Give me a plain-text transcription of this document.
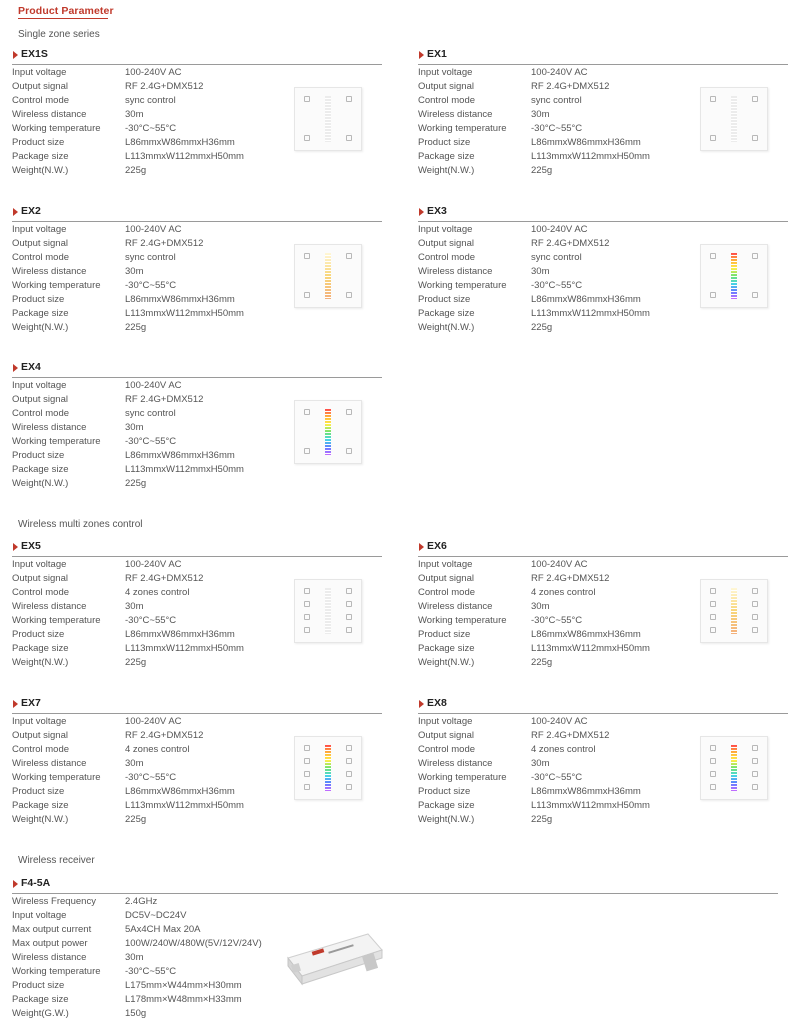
Product Parameter
Single zone series
Wireless multi zones control
Wireless receiver
EX1S
Input voltage	100-240V AC
Output signal	RF 2.4G+DMX512
Control mode	sync control
Wireless distance	30m
Working temperature	-30°C~55°C
Product size	L86mmxW86mmxH36mm
Package size	L113mmxW112mmxH50mm
Weight(N.W.)	225g
EX1
Input voltage	100-240V AC
Output signal	RF 2.4G+DMX512
Control mode	sync control
Wireless distance	30m
Working temperature	-30°C~55°C
Product size	L86mmxW86mmxH36mm
Package size	L113mmxW112mmxH50mm
Weight(N.W.)	225g
EX2
Input voltage	100-240V AC
Output signal	RF 2.4G+DMX512
Control mode	sync control
Wireless distance	30m
Working temperature	-30°C~55°C
Product size	L86mmxW86mmxH36mm
Package size	L113mmxW112mmxH50mm
Weight(N.W.)	225g
EX3
Input voltage	100-240V AC
Output signal	RF 2.4G+DMX512
Control mode	sync control
Wireless distance	30m
Working temperature	-30°C~55°C
Product size	L86mmxW86mmxH36mm
Package size	L113mmxW112mmxH50mm
Weight(N.W.)	225g
EX4
Input voltage	100-240V AC
Output signal	RF 2.4G+DMX512
Control mode	sync control
Wireless distance	30m
Working temperature	-30°C~55°C
Product size	L86mmxW86mmxH36mm
Package size	L113mmxW112mmxH50mm
Weight(N.W.)	225g
EX5
Input voltage	100-240V AC
Output signal	RF 2.4G+DMX512
Control mode	4 zones control
Wireless distance	30m
Working temperature	-30°C~55°C
Product size	L86mmxW86mmxH36mm
Package size	L113mmxW112mmxH50mm
Weight(N.W.)	225g
EX6
Input voltage	100-240V AC
Output signal	RF 2.4G+DMX512
Control mode	4 zones control
Wireless distance	30m
Working temperature	-30°C~55°C
Product size	L86mmxW86mmxH36mm
Package size	L113mmxW112mmxH50mm
Weight(N.W.)	225g
EX7
Input voltage	100-240V AC
Output signal	RF 2.4G+DMX512
Control mode	4 zones control
Wireless distance	30m
Working temperature	-30°C~55°C
Product size	L86mmxW86mmxH36mm
Package size	L113mmxW112mmxH50mm
Weight(N.W.)	225g
EX8
Input voltage	100-240V AC
Output signal	RF 2.4G+DMX512
Control mode	4 zones control
Wireless distance	30m
Working temperature	-30°C~55°C
Product size	L86mmxW86mmxH36mm
Package size	L113mmxW112mmxH50mm
Weight(N.W.)	225g
F4-5A
Wireless Frequency	2.4GHz
Input voltage	DC5V~DC24V
Max output current	5Ax4CH Max 20A
Max output power	100W/240W/480W(5V/12V/24V)
Wireless distance	30m
Working temperature	-30°C~55°C
Product size	L175mm×W44mm×H30mm
Package size	L178mm×W48mm×H33mm
Weight(G.W.)	150g
